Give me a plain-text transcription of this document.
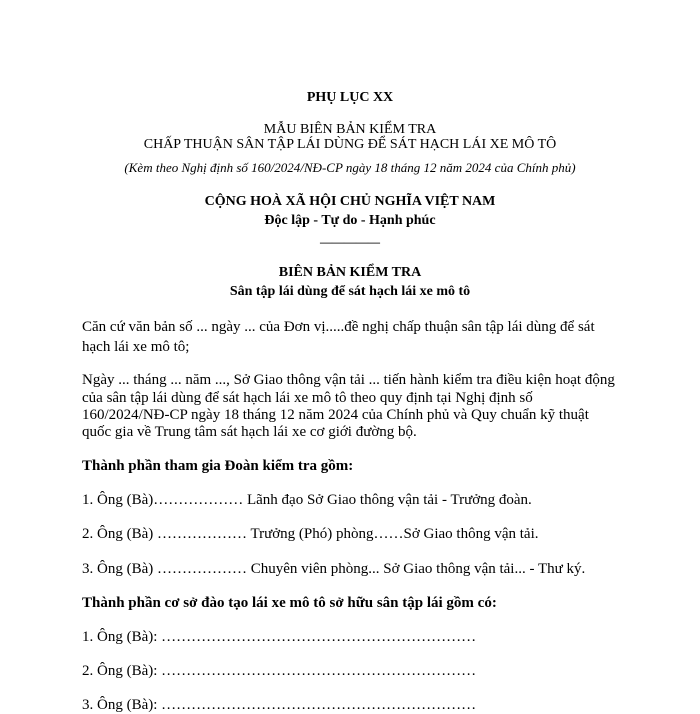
PHỤ LỤC XX
MẪU BIÊN BẢN KIỂM TRA
CHẤP THUẬN SÂN TẬP LÁI DÙNG ĐỂ SÁT HẠCH LÁI XE MÔ TÔ
(Kèm theo Nghị định số 160/2024/NĐ-CP ngày 18 tháng 12 năm 2024 của Chính phủ)
CỘNG HOÀ XÃ HỘI CHỦ NGHĨA VIỆT NAM
Độc lập - Tự do - Hạnh phúc
—————
BIÊN BẢN KIỂM TRA
Sân tập lái dùng để sát hạch lái xe mô tô
Căn cứ văn bản số ... ngày ... của Đơn vị.....đề nghị chấp thuận sân tập lái dùng để sát
hạch lái xe mô tô;
Ngày ... tháng ... năm ..., Sở Giao thông vận tải ... tiến hành kiểm tra điều kiện hoạt động
của sân tập lái dùng để sát hạch lái xe mô tô theo quy định tại Nghị định số
160/2024/NĐ-CP ngày 18 tháng 12 năm 2024 của Chính phủ và Quy chuẩn kỹ thuật
quốc gia về Trung tâm sát hạch lái xe cơ giới đường bộ.
Thành phần tham gia Đoàn kiểm tra gồm:
1. Ông (Bà)……………… Lãnh đạo Sở Giao thông vận tải - Trưởng đoàn.
2. Ông (Bà) ……………… Trưởng (Phó) phòng……Sở Giao thông vận tải.
3. Ông (Bà) ……………… Chuyên viên phòng... Sở Giao thông vận tải... - Thư ký.
Thành phần cơ sở đào tạo lái xe mô tô sở hữu sân tập lái gồm có:
1. Ông (Bà): ………………………………………………………
2. Ông (Bà): ………………………………………………………
3. Ông (Bà): ………………………………………………………
